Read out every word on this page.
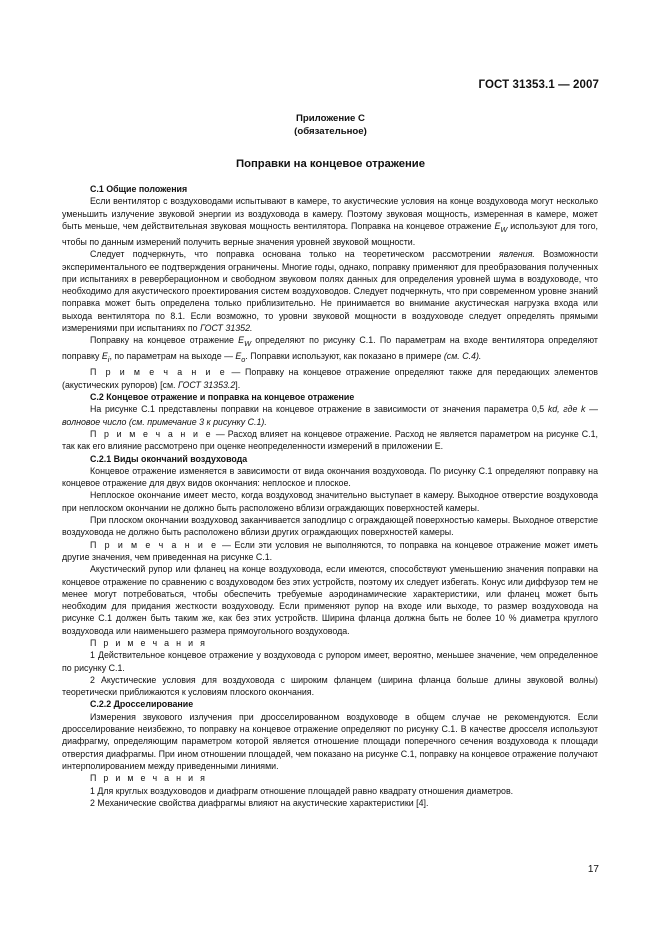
ГОСТ 31353.1 — 2007
Приложение С
(обязательное)
Поправки на концевое отражение

С.1 Общие положения

Если вентилятор с воздуховодами испытывают в камере, то акустические условия на конце воздуховода могут несколько уменьшить излучение звуковой энергии из воздуховода в камеру. Поэтому звуковая мощность, измеренная в камере, может быть меньше, чем действительная звуковая мощность вентилятора. Поправка на концевое отражение $E_W$ используют для того, чтобы по данным измерений получить верные значения уровней звуковой мощности.

Следует подчеркнуть, что поправка основана только на теоретическом рассмотрении явления. Возможности экспериментального ее подтверждения ограничены. Многие годы, однако, поправку применяют для преобразования полученных при испытаниях в реверберационном и свободном звуковом полях данных для определения уровней шума в воздуховоде, что необходимо для акустического проектирования систем воздуховодов. Следует подчеркнуть, что при современном уровне знаний поправка может быть определена только приблизительно. Не принимается во внимание акустическая нагрузка входа или выхода вентилятора по 8.1. Если возможно, то уровни звуковой мощности в воздуховоде следует определять прямыми измерениями при испытаниях по ГОСТ 31352.

Поправку на концевое отражение $E_W$ определяют по рисунку С.1. По параметрам на входе вентилятора определяют поправку $E_i$, по параметрам на выходе — $E_o$. Поправки используют, как показано в примере (см. С.4).

П р и м е ч а н и е — Поправку на концевое отражение определяют также для передающих элементов (акустических рупоров) [см. ГОСТ 31353.2].

С.2 Концевое отражение и поправка на концевое отражение

На рисунке С.1 представлены поправки на концевое отражение в зависимости от значения параметра 0,5 kd, где k — волновое число (см. примечание 3 к рисунку С.1).

П р и м е ч а н и е — Расход влияет на концевое отражение. Расход не является параметром на рисунке С.1, так как его влияние рассмотрено при оценке неопределенности измерений в приложении Е.

С.2.1 Виды окончаний воздуховода

Концевое отражение изменяется в зависимости от вида окончания воздуховода. По рисунку С.1 определяют поправку на концевое отражение для двух видов окончания: неплоское и плоское.

Неплоское окончание имеет место, когда воздуховод значительно выступает в камеру. Выходное отверстие воздуховода при неплоском окончании не должно быть расположено вблизи ограждающих поверхностей камеры.

При плоском окончании воздуховод заканчивается заподлицо с ограждающей поверхностью камеры. Выходное отверстие воздуховода не должно быть расположено вблизи других ограждающих поверхностей камеры.

П р и м е ч а н и е — Если эти условия не выполняются, то поправка на концевое отражение может иметь другие значения, чем приведенная на рисунке С.1.

Акустический рупор или фланец на конце воздуховода, если имеются, способствуют уменьшению значения поправки на концевое отражение по сравнению с воздуховодом без этих устройств, поэтому их следует избегать. Конус или диффузор тем не менее могут потребоваться, чтобы обеспечить требуемые аэродинамические характеристики, или фланец может быть необходим для придания жесткости воздуховоду. Если применяют рупор на входе или выходе, то размер воздуховода на рисунке С.1 должен быть таким же, как без этих устройств. Ширина фланца должна быть не более 10 % диаметра круглого воздуховода или наименьшего размера прямоугольного воздуховода.

П р и м е ч а н и я

1 Действительное концевое отражение у воздуховода с рупором имеет, вероятно, меньшее значение, чем определенное по рисунку С.1.

2 Акустические условия для воздуховода с широким фланцем (ширина фланца больше длины звуковой волны) теоретически приближаются к условиям плоского окончания.

С.2.2 Дросселирование

Измерения звукового излучения при дросселированном воздуховоде в общем случае не рекомендуются. Если дросселирование неизбежно, то поправку на концевое отражение определяют по рисунку С.1. В качестве дросселя используют диафрагму, определяющим параметром которой является отношение площади поперечного сечения воздуховода к площади отверстия диафрагмы. При ином отношении площадей, чем показано на рисунке С.1, поправку на концевое отражение получают интерполированием между приведенными линиями.

П р и м е ч а н и я

1 Для круглых воздуховодов и диафрагм отношение площадей равно квадрату отношения диаметров.

2 Механические свойства диафрагмы влияют на акустические характеристики [4].

17
